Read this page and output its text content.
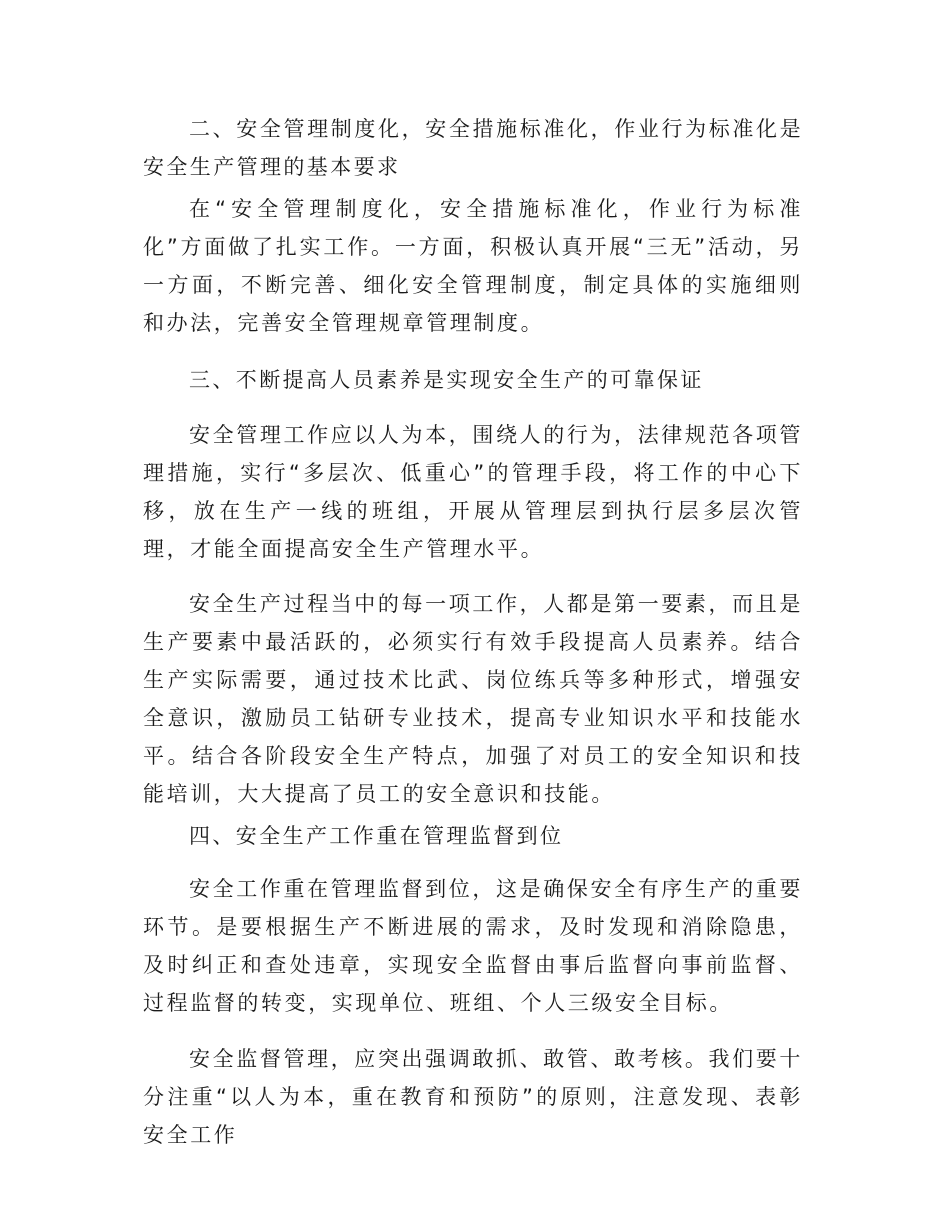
二、安全管理制度化，安全措施标准化，作业行为标准化是安全生产管理的基本要求

在“安全管理制度化，安全措施标准化，作业行为标准化”方面做了扎实工作。一方面，积极认真开展“三无”活动，另一方面，不断完善、细化安全管理制度，制定具体的实施细则和办法，完善安全管理规章管理制度。

三、不断提高人员素养是实现安全生产的可靠保证

安全管理工作应以人为本，围绕人的行为，法律规范各项管理措施，实行“多层次、低重心”的管理手段，将工作的中心下移，放在生产一线的班组，开展从管理层到执行层多层次管理，才能全面提高安全生产管理水平。

安全生产过程当中的每一项工作，人都是第一要素，而且是生产要素中最活跃的，必须实行有效手段提高人员素养。结合生产实际需要，通过技术比武、岗位练兵等多种形式，增强安全意识，激励员工钻研专业技术，提高专业知识水平和技能水平。结合各阶段安全生产特点，加强了对员工的安全知识和技能培训，大大提高了员工的安全意识和技能。

四、安全生产工作重在管理监督到位

安全工作重在管理监督到位，这是确保安全有序生产的重要环节。是要根据生产不断进展的需求，及时发现和消除隐患，及时纠正和查处违章，实现安全监督由事后监督向事前监督、过程监督的转变，实现单位、班组、个人三级安全目标。

安全监督管理，应突出强调敢抓、敢管、敢考核。我们要十分注重“以人为本，重在教育和预防”的原则，注意发现、表彰安全工作
